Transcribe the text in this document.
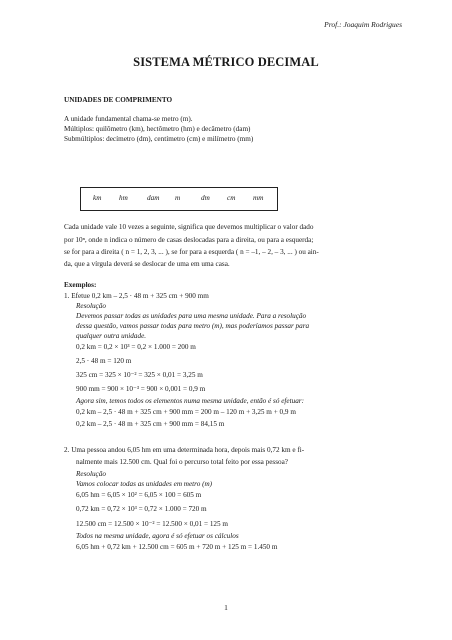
Prof.: Joaquim Rodrigues
SISTEMA MÉTRICO DECIMAL
UNIDADES DE COMPRIMENTO
A unidade fundamental chama-se metro (m).
Múltiplos: quilômetro (km), hectômetro (hm) e decâmetro (dam)
Submúltiplos: decímetro (dm), centímetro (cm) e milímetro (mm)
km hm	dam m	dm cm mm
Cada unidade vale 10 vezes a seguinte, significa que devemos multiplicar o valor dado
por 10ⁿ, onde n indica o número de casas deslocadas para a direita, ou para a esquerda;
se for para a direita ( n = 1, 2, 3, ... ), se for para a esquerda ( n = –1, – 2, – 3, ... ) ou ain-
da, que a vírgula deverá se deslocar de uma em uma casa.
Exemplos:
1. Efetue 0,2 km – 2,5 · 48 m + 325 cm + 900 mm
Resolução
Devemos passar todas as unidades para uma mesma unidade. Para a resolução
dessa questão, vamos passar todas para metro (m), mas poderíamos passar para
qualquer outra unidade.
0,2 km = 0,2 × 10³ = 0,2 × 1.000 = 200 m
2,5 · 48 m = 120 m
325 cm = 325 × 10⁻² = 325 × 0,01 = 3,25 m
900 mm = 900 × 10⁻³ = 900 × 0,001 = 0,9 m
Agora sim, temos todos os elementos numa mesma unidade, então é só efetuar:
0,2 km – 2,5 · 48 m + 325 cm + 900 mm = 200 m – 120 m + 3,25 m + 0,9 m
0,2 km – 2,5 · 48 m + 325 cm + 900 mm = 84,15 m
2. Uma pessoa andou 6,05 hm em uma determinada hora, depois mais 0,72 km e fi-
nalmente mais 12.500 cm. Qual foi o percurso total feito por essa pessoa?
Resolução
Vamos colocar todas as unidades em metro (m)
6,05 hm = 6,05 × 10² = 6,05 × 100 = 605 m
0,72 km = 0,72 × 10³ = 0,72 × 1.000 = 720 m
12.500 cm = 12.500 × 10⁻² = 12.500 × 0,01 = 125 m
Todos na mesma unidade, agora é só efetuar os cálculos
6,05 hm + 0,72 km + 12.500 cm = 605 m + 720 m + 125 m = 1.450 m
1
